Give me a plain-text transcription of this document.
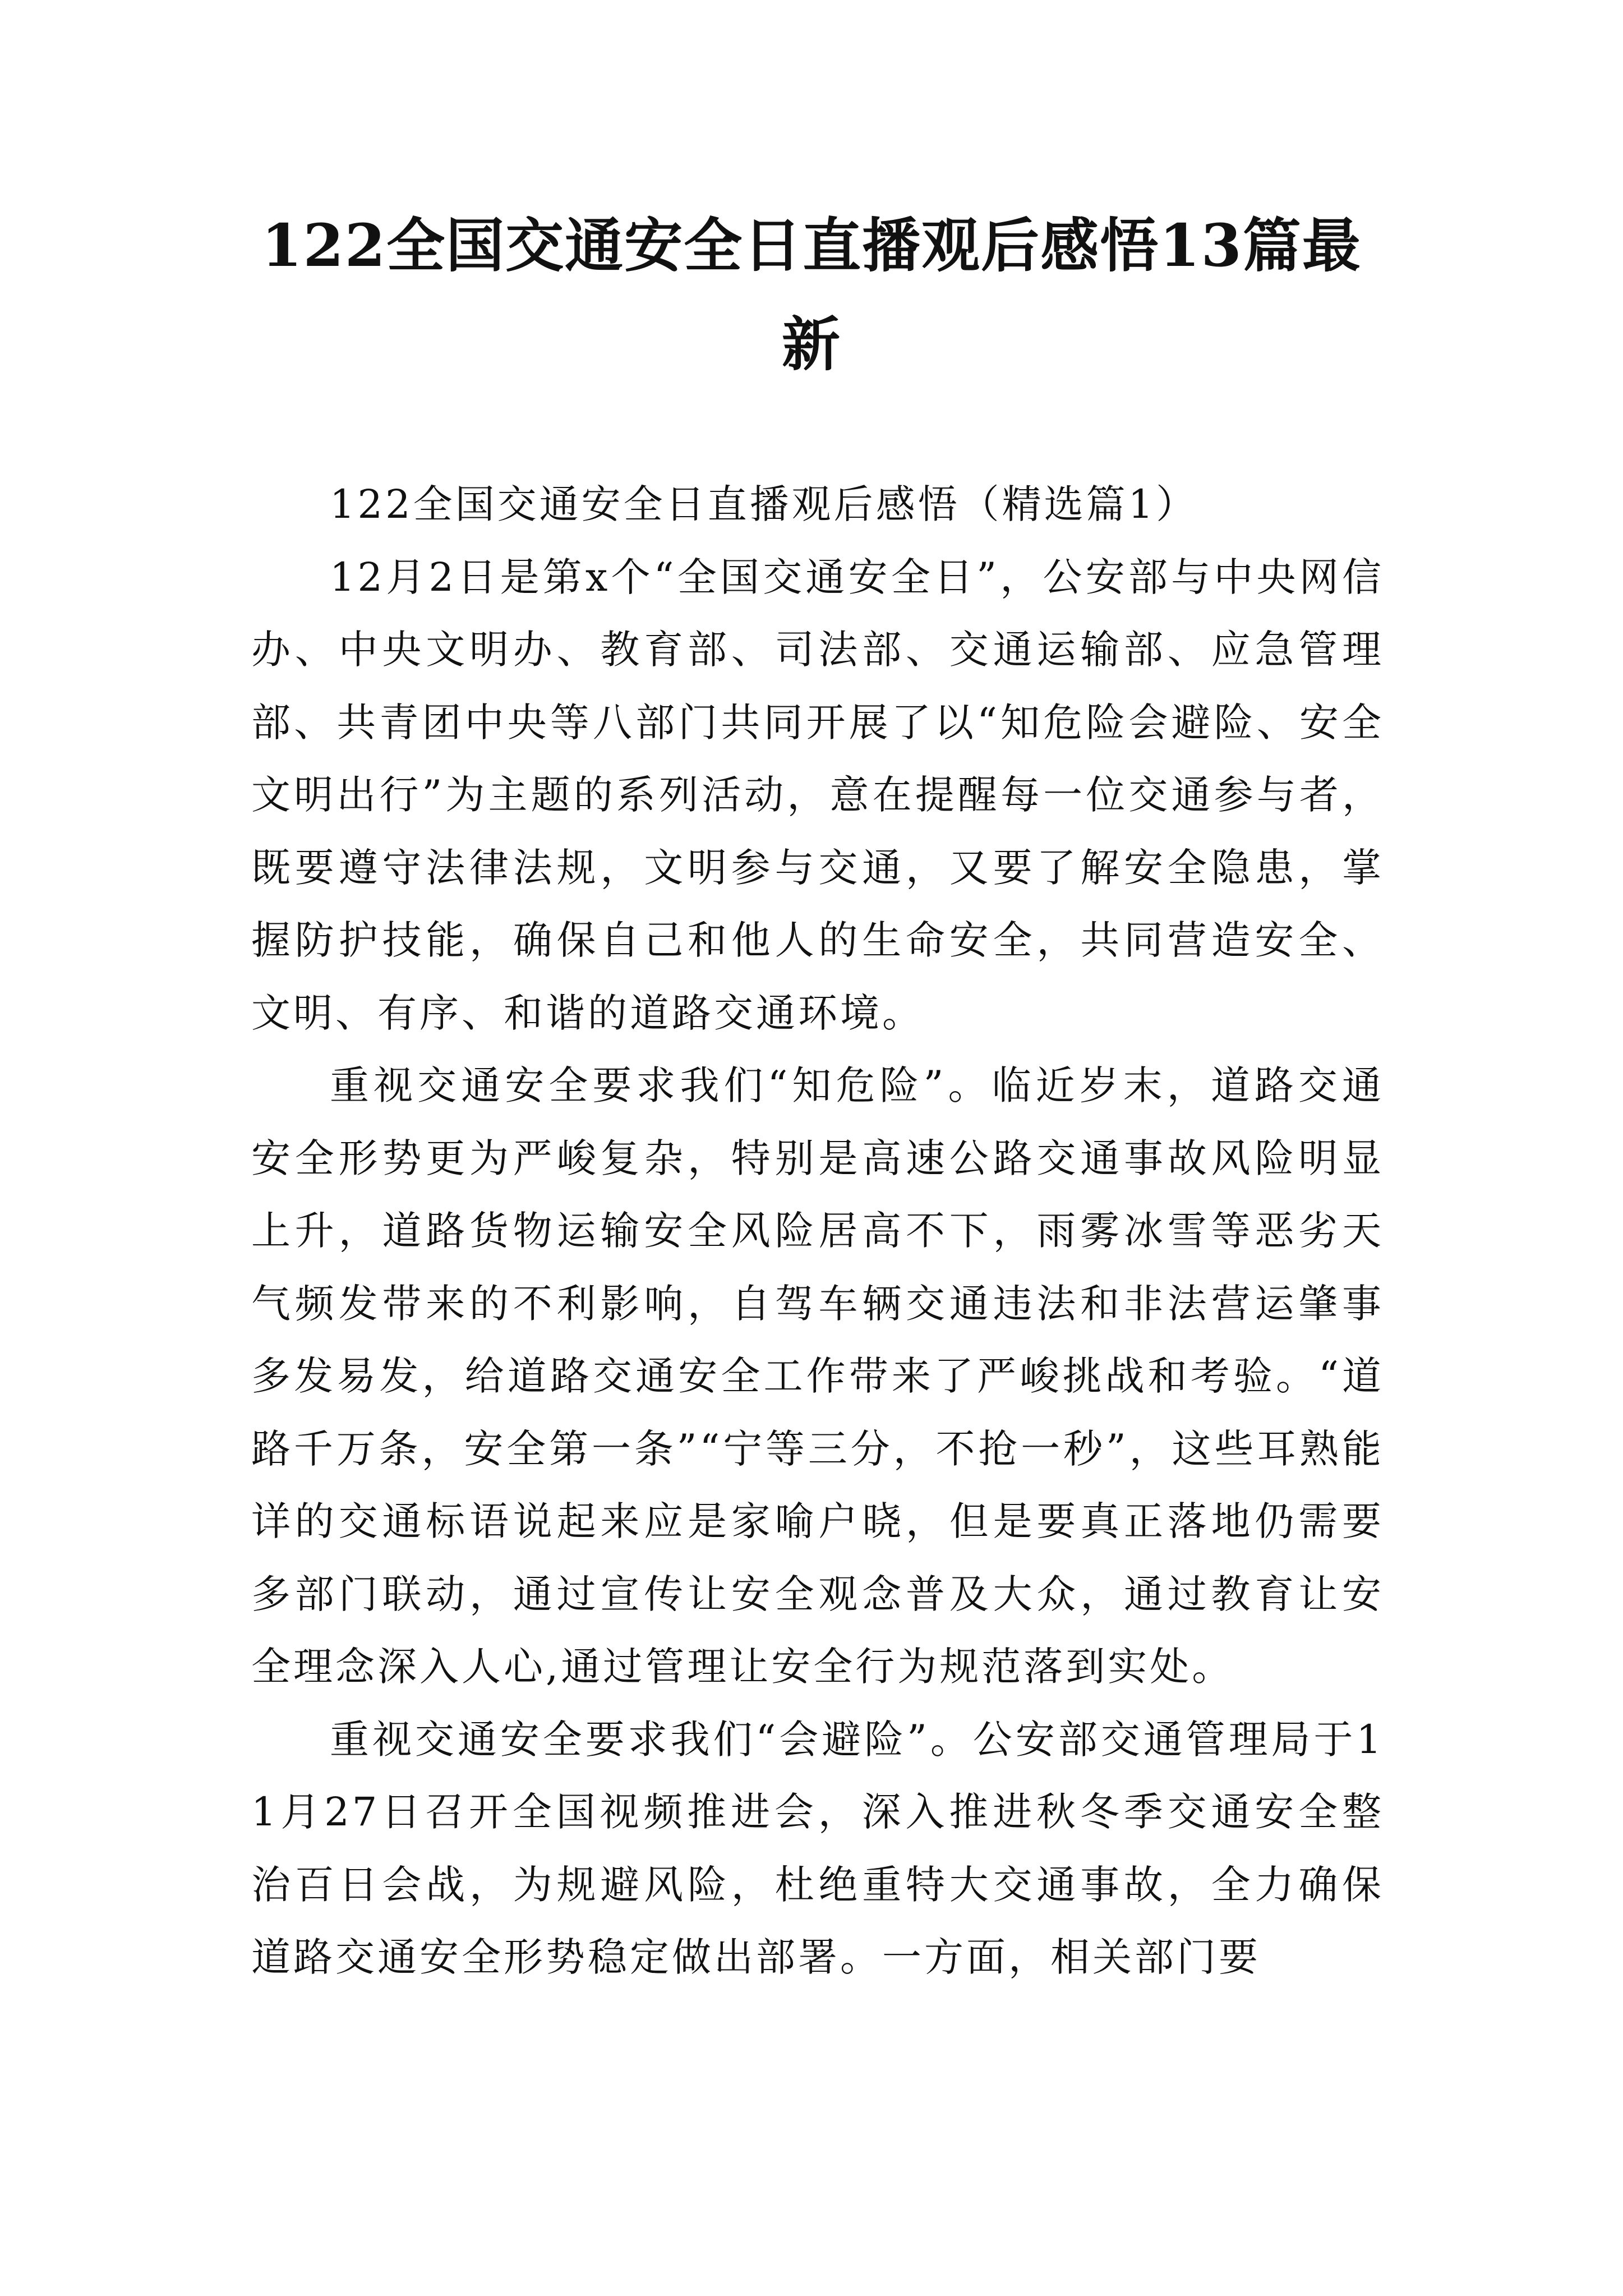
122全国交通安全日直播观后感悟13篇最新

122全国交通安全日直播观后感悟（精选篇1）

12月2日是第x个“全国交通安全日”，公安部与中央网信办、中央文明办、教育部、司法部、交通运输部、应急管理部、共青团中央等八部门共同开展了以“知危险会避险、安全文明出行”为主题的系列活动，意在提醒每一位交通参与者，既要遵守法律法规，文明参与交通，又要了解安全隐患，掌握防护技能，确保自己和他人的生命安全，共同营造安全、文明、有序、和谐的道路交通环境。

重视交通安全要求我们“知危险”。临近岁末，道路交通安全形势更为严峻复杂，特别是高速公路交通事故风险明显上升，道路货物运输安全风险居高不下，雨雾冰雪等恶劣天气频发带来的不利影响，自驾车辆交通违法和非法营运肇事多发易发，给道路交通安全工作带来了严峻挑战和考验。“道路千万条，安全第一条”“宁等三分，不抢一秒”，这些耳熟能详的交通标语说起来应是家喻户晓，但是要真正落地仍需要多部门联动，通过宣传让安全观念普及大众，通过教育让安全理念深入人心,通过管理让安全行为规范落到实处。

重视交通安全要求我们“会避险”。公安部交通管理局于11月27日召开全国视频推进会，深入推进秋冬季交通安全整治百日会战，为规避风险，杜绝重特大交通事故，全力确保道路交通安全形势稳定做出部署。一方面，相关部门要
